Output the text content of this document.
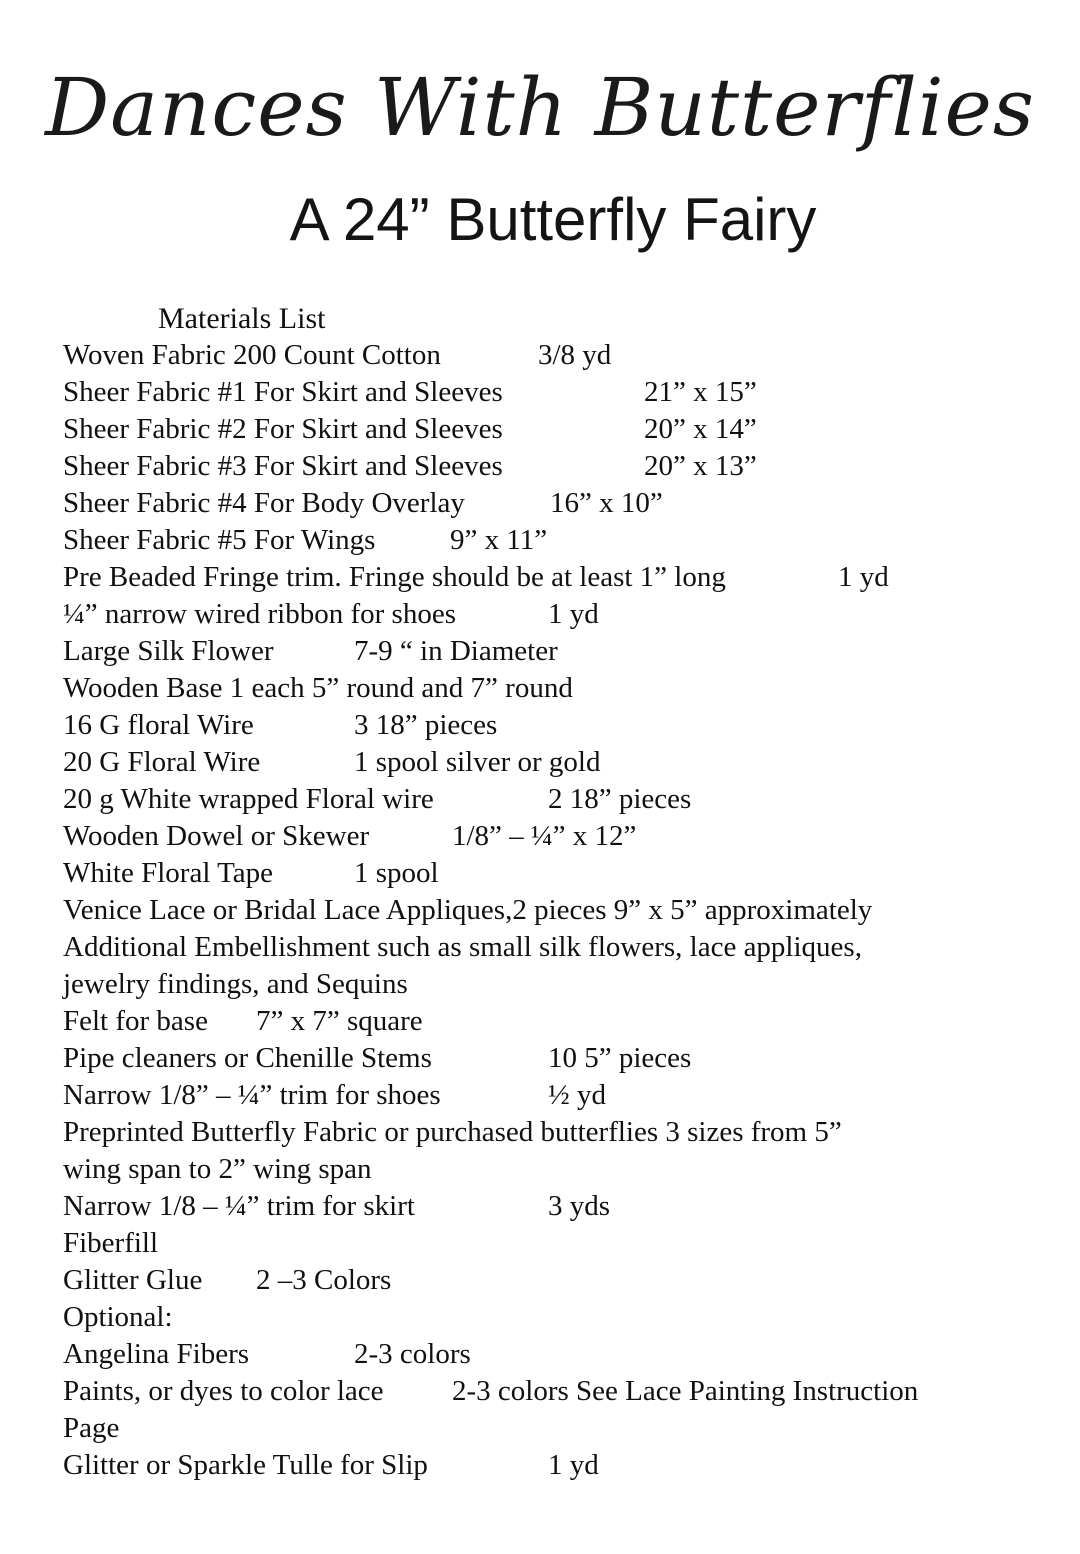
Dances With Butterflies
A 24” Butterfly Fairy
Materials List
Woven Fabric 200 Count Cotton	3/8 yd
Sheer Fabric #1 For Skirt and Sleeves	21” x 15”
Sheer Fabric #2 For Skirt and Sleeves	20” x 14”
Sheer Fabric #3 For Skirt and Sleeves	20” x 13”
Sheer Fabric #4 For Body Overlay	16” x 10”
Sheer Fabric #5 For Wings	9” x 11”
Pre Beaded Fringe trim. Fringe should be at least 1” long	1 yd
¼” narrow wired ribbon for shoes	1 yd
Large Silk Flower	7-9 “ in Diameter
Wooden Base 1 each 5” round and 7” round
16 G floral Wire	3 18” pieces
20 G Floral Wire	1 spool silver or gold
20 g White wrapped Floral wire	2 18” pieces
Wooden Dowel or Skewer	1/8” – ¼” x 12”
White Floral Tape	1 spool
Venice Lace or Bridal Lace Appliques,2 pieces 9” x 5” approximately
Additional Embellishment such as small silk flowers, lace appliques,
jewelry findings, and Sequins
Felt for base 7” x 7” square
Pipe cleaners or Chenille Stems	10 5” pieces
Narrow 1/8” – ¼” trim for shoes	½ yd
Preprinted Butterfly Fabric or purchased butterflies 3 sizes from 5”
wing span to 2” wing span
Narrow 1/8 – ¼” trim for skirt	3 yds
Fiberfill
Glitter Glue 2 –3 Colors
Optional:
Angelina Fibers	2-3 colors
Paints, or dyes to color lace 2-3 colors See Lace Painting Instruction
Page
Glitter or Sparkle Tulle for Slip	1 yd
